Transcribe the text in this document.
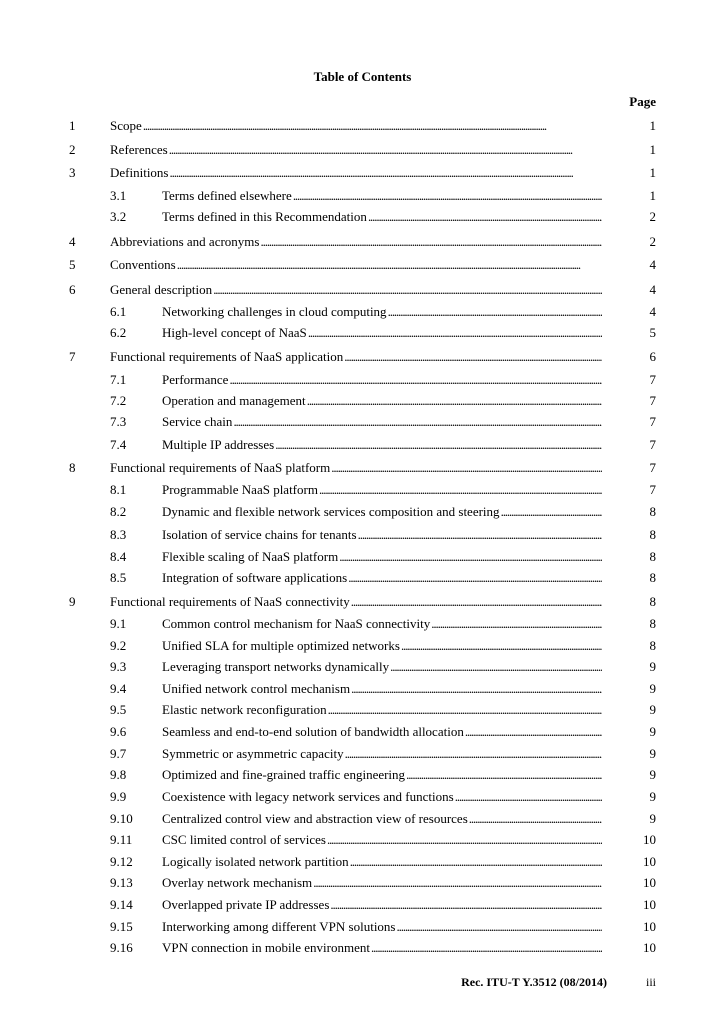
Table of Contents
Page
1	Scope . . .	1
2	References . . .	1
3	Definitions . . .	1
3.1	Terms defined elsewhere . . .	1
3.2	Terms defined in this Recommendation . . .	2
4	Abbreviations and acronyms . . .	2
5	Conventions . . .	4
6	General description . . .	4
6.1	Networking challenges in cloud computing . . .	4
6.2	High-level concept of NaaS . . .	5
7	Functional requirements of NaaS application . . .	6
7.1	Performance . . .	7
7.2	Operation and management . . .	7
7.3	Service chain . . .	7
7.4	Multiple IP addresses . . .	7
8	Functional requirements of NaaS platform . . .	7
8.1	Programmable NaaS platform . . .	7
8.2	Dynamic and flexible network services composition and steering . . .	8
8.3	Isolation of service chains for tenants . . .	8
8.4	Flexible scaling of NaaS platform . . .	8
8.5	Integration of software applications . . .	8
9	Functional requirements of NaaS connectivity . . .	8
9.1	Common control mechanism for NaaS connectivity . . .	8
9.2	Unified SLA for multiple optimized networks . . .	8
9.3	Leveraging transport networks dynamically . . .	9
9.4	Unified network control mechanism . . .	9
9.5	Elastic network reconfiguration . . .	9
9.6	Seamless and end-to-end solution of bandwidth allocation . . .	9
9.7	Symmetric or asymmetric capacity . . .	9
9.8	Optimized and fine-grained traffic engineering . . .	9
9.9	Coexistence with legacy network services and functions . . .	9
9.10 Centralized control view and abstraction view of resources . . .	9
9.11 CSC limited control of services . . .	10
9.12 Logically isolated network partition . . .	10
9.13 Overlay network mechanism . . .	10
9.14 Overlapped private IP addresses . . .	10
9.15 Interworking among different VPN solutions . . .	10
9.16 VPN connection in mobile environment . . .	10
Rec. ITU-T Y.3512 (08/2014)	iii
